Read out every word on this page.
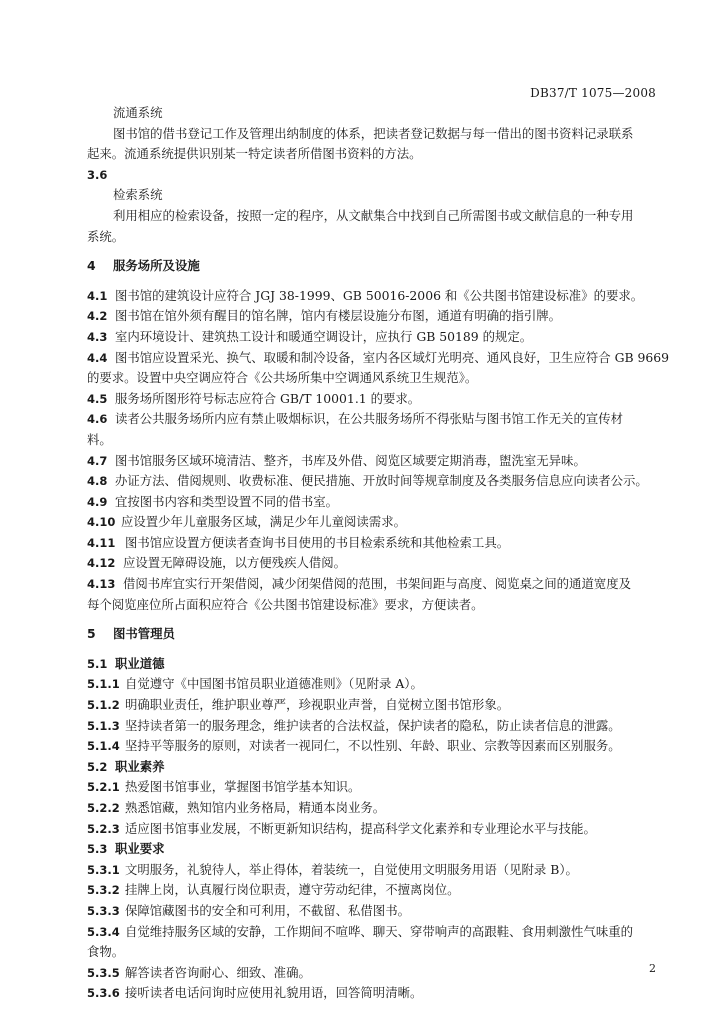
DB37/T 1075—2008
流通系统
图书馆的借书登记工作及管理出纳制度的体系，把读者登记数据与每一借出的图书资料记录联系
起来。流通系统提供识别某一特定读者所借图书资料的方法。
3.6
检索系统
利用相应的检索设备，按照一定的程序，从文献集合中找到自己所需图书或文献信息的一种专用
系统。
4 服务场所及设施
4.1 图书馆的建筑设计应符合 JGJ 38-1999、GB 50016-2006 和《公共图书馆建设标准》的要求。
4.2 图书馆在馆外须有醒目的馆名牌，馆内有楼层设施分布图，通道有明确的指引牌。
4.3 室内环境设计、建筑热工设计和暖通空调设计，应执行 GB 50189 的规定。
4.4 图书馆应设置采光、换气、取暖和制冷设备，室内各区域灯光明亮、通风良好，卫生应符合 GB 9669
的要求。设置中央空调应符合《公共场所集中空调通风系统卫生规范》。
4.5 服务场所图形符号标志应符合 GB/T 10001.1 的要求。
4.6 读者公共服务场所内应有禁止吸烟标识，在公共服务场所不得张贴与图书馆工作无关的宣传材
料。
4.7 图书馆服务区域环境清洁、整齐，书库及外借、阅览区域要定期消毒，盥洗室无异味。
4.8 办证方法、借阅规则、收费标准、便民措施、开放时间等规章制度及各类服务信息应向读者公示。
4.9 宜按图书内容和类型设置不同的借书室。
4.10 应设置少年儿童服务区域，满足少年儿童阅读需求。
4.11 图书馆应设置方便读者查询书目使用的书目检索系统和其他检索工具。
4.12 应设置无障碍设施，以方便残疾人借阅。
4.13 借阅书库宜实行开架借阅，减少闭架借阅的范围，书架间距与高度、阅览桌之间的通道宽度及
每个阅览座位所占面积应符合《公共图书馆建设标准》要求，方便读者。
5 图书管理员
5.1 职业道德
5.1.1 自觉遵守《中国图书馆员职业道德准则》（见附录 A）。
5.1.2 明确职业责任，维护职业尊严，珍视职业声誉，自觉树立图书馆形象。
5.1.3 坚持读者第一的服务理念，维护读者的合法权益，保护读者的隐私，防止读者信息的泄露。
5.1.4 坚持平等服务的原则，对读者一视同仁，不以性别、年龄、职业、宗教等因素而区别服务。
5.2 职业素养
5.2.1 热爱图书馆事业，掌握图书馆学基本知识。
5.2.2 熟悉馆藏，熟知馆内业务格局，精通本岗业务。
5.2.3 适应图书馆事业发展，不断更新知识结构，提高科学文化素养和专业理论水平与技能。
5.3 职业要求
5.3.1 文明服务，礼貌待人，举止得体，着装统一，自觉使用文明服务用语（见附录 B）。
5.3.2 挂牌上岗，认真履行岗位职责，遵守劳动纪律，不擅离岗位。
5.3.3 保障馆藏图书的安全和可利用，不截留、私借图书。
5.3.4 自觉维持服务区域的安静，工作期间不喧哗、聊天、穿带响声的高跟鞋、食用刺激性气味重的
食物。
5.3.5 解答读者咨询耐心、细致、准确。
5.3.6 接听读者电话问询时应使用礼貌用语，回答简明清晰。
2
